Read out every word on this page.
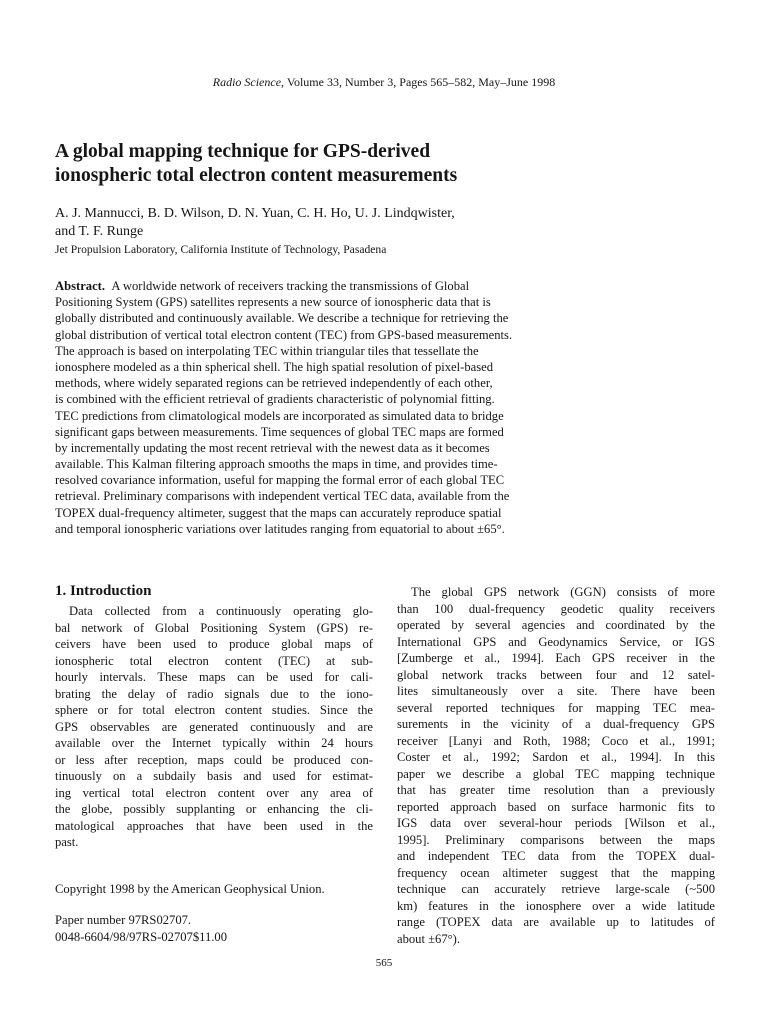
Radio Science, Volume 33, Number 3, Pages 565–582, May–June 1998
A global mapping technique for GPS-derived
ionospheric total electron content measurements
A. J. Mannucci, B. D. Wilson, D. N. Yuan, C. H. Ho, U. J. Lindqwister,
and T. F. Runge
Jet Propulsion Laboratory, California Institute of Technology, Pasadena
Abstract. A worldwide network of receivers tracking the transmissions of Global
Positioning System (GPS) satellites represents a new source of ionospheric data that is
globally distributed and continuously available. We describe a technique for retrieving the
global distribution of vertical total electron content (TEC) from GPS-based measurements.
The approach is based on interpolating TEC within triangular tiles that tessellate the
ionosphere modeled as a thin spherical shell. The high spatial resolution of pixel-based
methods, where widely separated regions can be retrieved independently of each other,
is combined with the efficient retrieval of gradients characteristic of polynomial fitting.
TEC predictions from climatological models are incorporated as simulated data to bridge
significant gaps between measurements. Time sequences of global TEC maps are formed
by incrementally updating the most recent retrieval with the newest data as it becomes
available. This Kalman filtering approach smooths the maps in time, and provides time-
resolved covariance information, useful for mapping the formal error of each global TEC
retrieval. Preliminary comparisons with independent vertical TEC data, available from the
TOPEX dual-frequency altimeter, suggest that the maps can accurately reproduce spatial
and temporal ionospheric variations over latitudes ranging from equatorial to about ±65°.
1. Introduction
Data collected from a continuously operating glo-
bal network of Global Positioning System (GPS) re-
ceivers have been used to produce global maps of
ionospheric total electron content (TEC) at sub-
hourly intervals. These maps can be used for cali-
brating the delay of radio signals due to the iono-
sphere or for total electron content studies. Since the
GPS observables are generated continuously and are
available over the Internet typically within 24 hours
or less after reception, maps could be produced con-
tinuously on a subdaily basis and used for estimat-
ing vertical total electron content over any area of
the globe, possibly supplanting or enhancing the cli-
matological approaches that have been used in the
past.
Copyright 1998 by the American Geophysical Union.
Paper number 97RS02707.
0048-6604/98/97RS-02707$11.00
The global GPS network (GGN) consists of more
than 100 dual-frequency geodetic quality receivers
operated by several agencies and coordinated by the
International GPS and Geodynamics Service, or IGS
[Zumberge et al., 1994]. Each GPS receiver in the
global network tracks between four and 12 satel-
lites simultaneously over a site. There have been
several reported techniques for mapping TEC mea-
surements in the vicinity of a dual-frequency GPS
receiver [Lanyi and Roth, 1988; Coco et al., 1991;
Coster et al., 1992; Sardon et al., 1994]. In this
paper we describe a global TEC mapping technique
that has greater time resolution than a previously
reported approach based on surface harmonic fits to
IGS data over several-hour periods [Wilson et al.,
1995]. Preliminary comparisons between the maps
and independent TEC data from the TOPEX dual-
frequency ocean altimeter suggest that the mapping
technique can accurately retrieve large-scale (~500
km) features in the ionosphere over a wide latitude
range (TOPEX data are available up to latitudes of
about ±67°).
565
